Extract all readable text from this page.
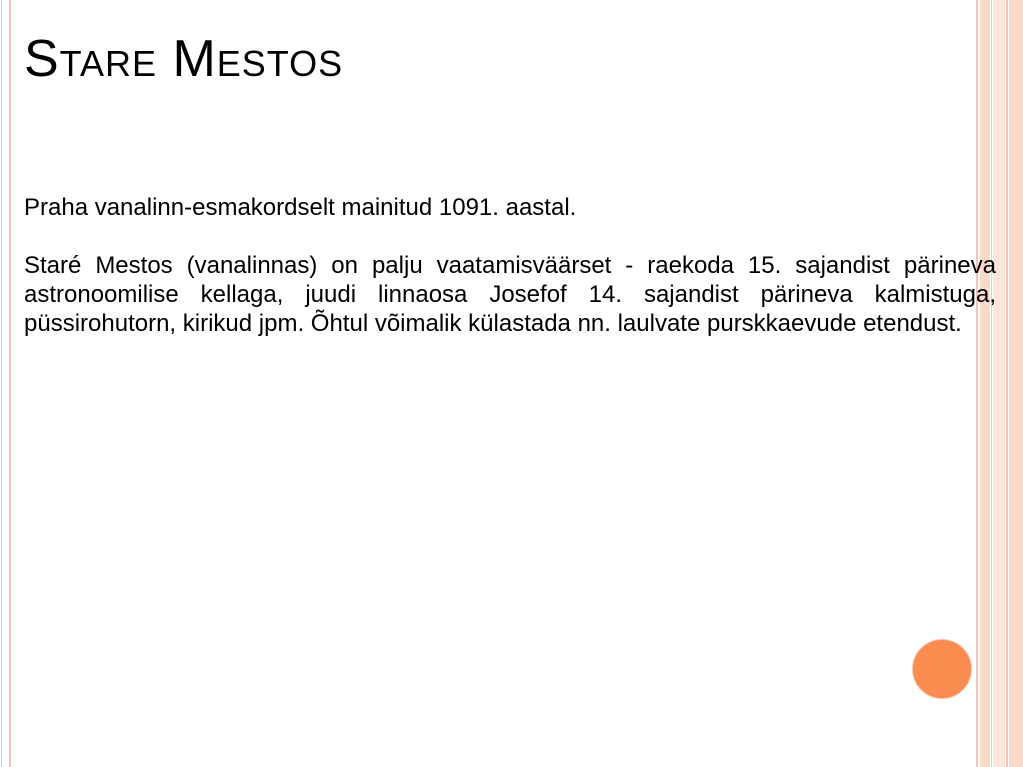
Stare Mestos

Praha vanalinn-esmakordselt mainitud 1091. aastal.

Staré Mestos (vanalinnas) on palju vaatamisväärset - raekoda 15. sajandist pärineva astronoomilise kellaga, juudi linnaosa Josefof 14. sajandist pärineva kalmistuga, püssirohutorn, kirikud jpm. Õhtul võimalik külastada nn. laulvate purskkaevude etendust.
